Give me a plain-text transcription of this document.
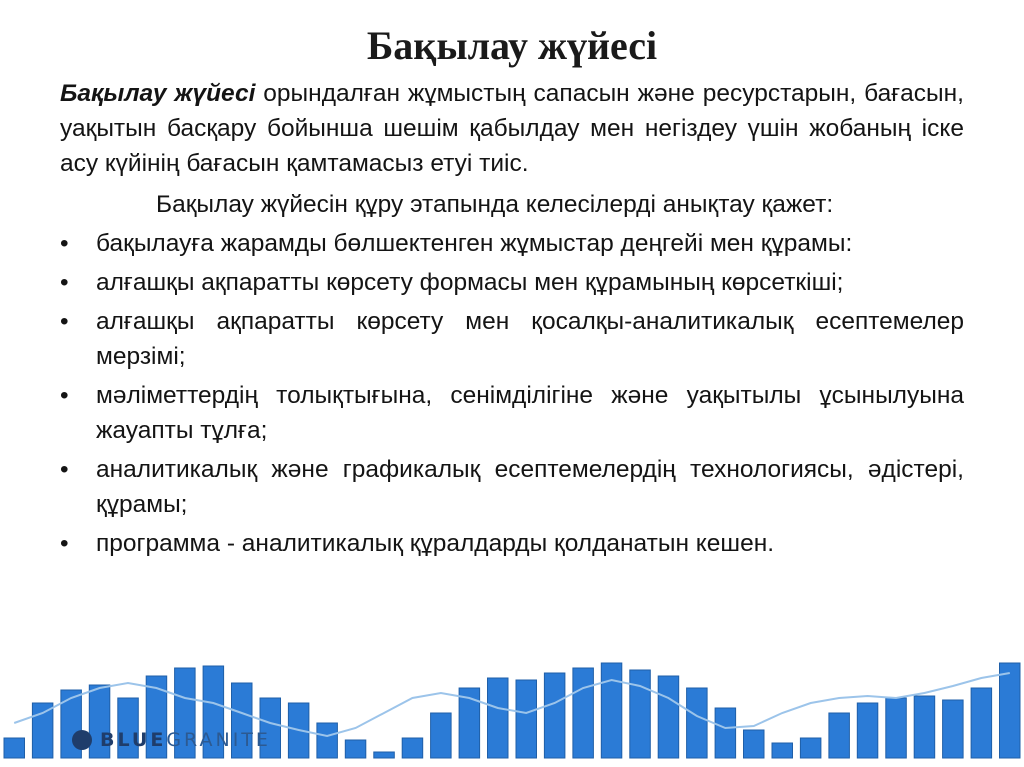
Бақылау жүйесі

Бақылау жүйесі орындалған жұмыстың сапасын және ресурстарын, бағасын, уақытын басқару бойынша шешім қабылдау мен негіздеу үшін жобаның іске асу күйінің бағасын қамтамасыз етуі тиіс.

Бақылау жүйесін құру этапында келесілерді анықтау қажет:

•	бақылауға жарамды бөлшектенген жұмыстар деңгейі мен құрамы:
•	алғашқы ақпаратты көрсету формасы мен құрамының көрсеткіші;
•	алғашқы ақпаратты көрсету мен қосалқы-аналитикалық есептемелер мерзімі;
•	мәліметтердің толықтығына, сенімділігіне және уақытылы ұсынылуына жауапты тұлға;
•	аналитикалық және графикалық есептемелердің технологиясы, әдістері, құрамы;
•	программа - аналитикалық құралдарды қолданатын кешен.
BLUEGRANITE
